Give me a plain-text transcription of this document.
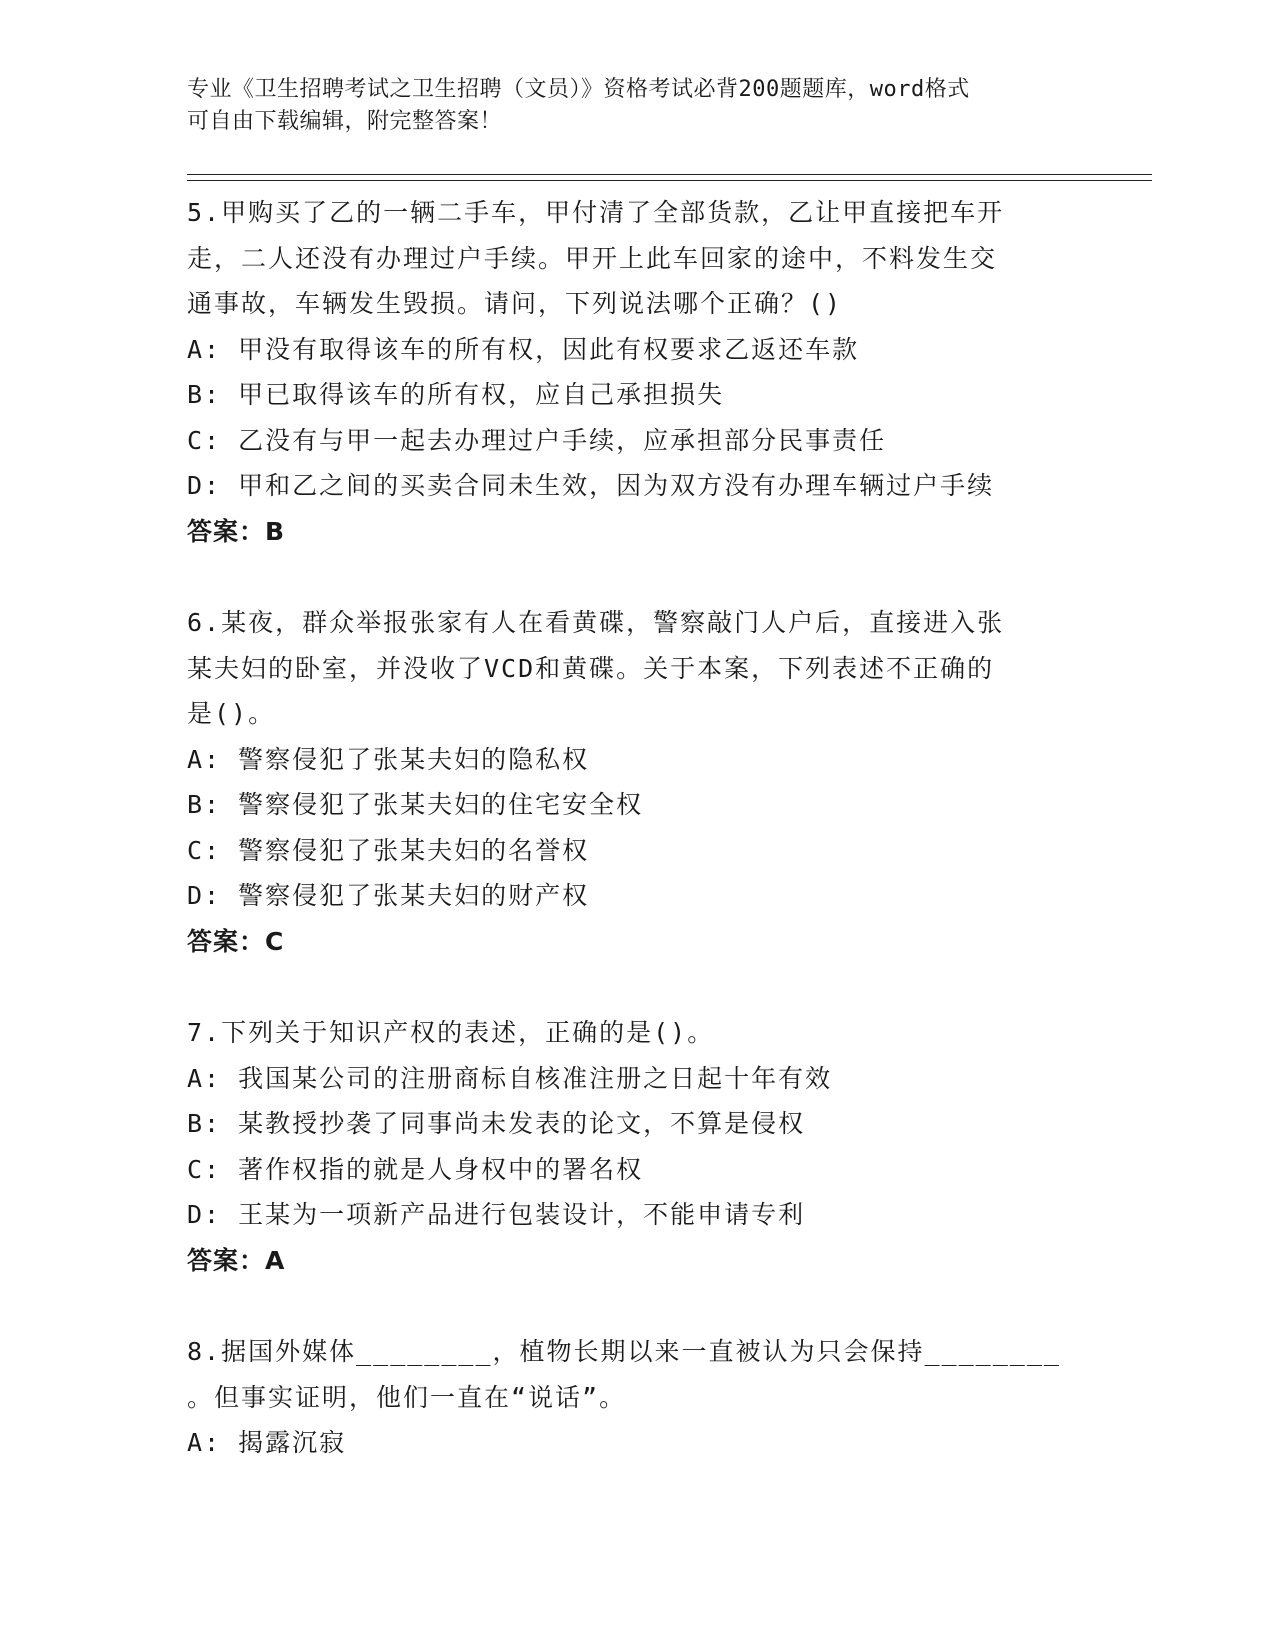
专业《卫生招聘考试之卫生招聘（文员）》资格考试必背200题题库，word格式
可自由下载编辑，附完整答案！
5.甲购买了乙的一辆二手车，甲付清了全部货款，乙让甲直接把车开
走，二人还没有办理过户手续。甲开上此车回家的途中，不料发生交
通事故，车辆发生毁损。请问，下列说法哪个正确？()
A: 甲没有取得该车的所有权，因此有权要求乙返还车款
B: 甲已取得该车的所有权，应自己承担损失
C: 乙没有与甲一起去办理过户手续，应承担部分民事责任
D: 甲和乙之间的买卖合同未生效，因为双方没有办理车辆过户手续
答案：B
6.某夜，群众举报张家有人在看黄碟，警察敲门人户后，直接进入张
某夫妇的卧室，并没收了VCD和黄碟。关于本案，下列表述不正确的
是()。
A: 警察侵犯了张某夫妇的隐私权
B: 警察侵犯了张某夫妇的住宅安全权
C: 警察侵犯了张某夫妇的名誉权
D: 警察侵犯了张某夫妇的财产权
答案：C
7.下列关于知识产权的表述，正确的是()。
A: 我国某公司的注册商标自核准注册之日起十年有效
B: 某教授抄袭了同事尚未发表的论文，不算是侵权
C: 著作权指的就是人身权中的署名权
D: 王某为一项新产品进行包装设计，不能申请专利
答案：A
8.据国外媒体________，植物长期以来一直被认为只会保持________
。但事实证明，他们一直在“说话”。
A: 揭露沉寂
